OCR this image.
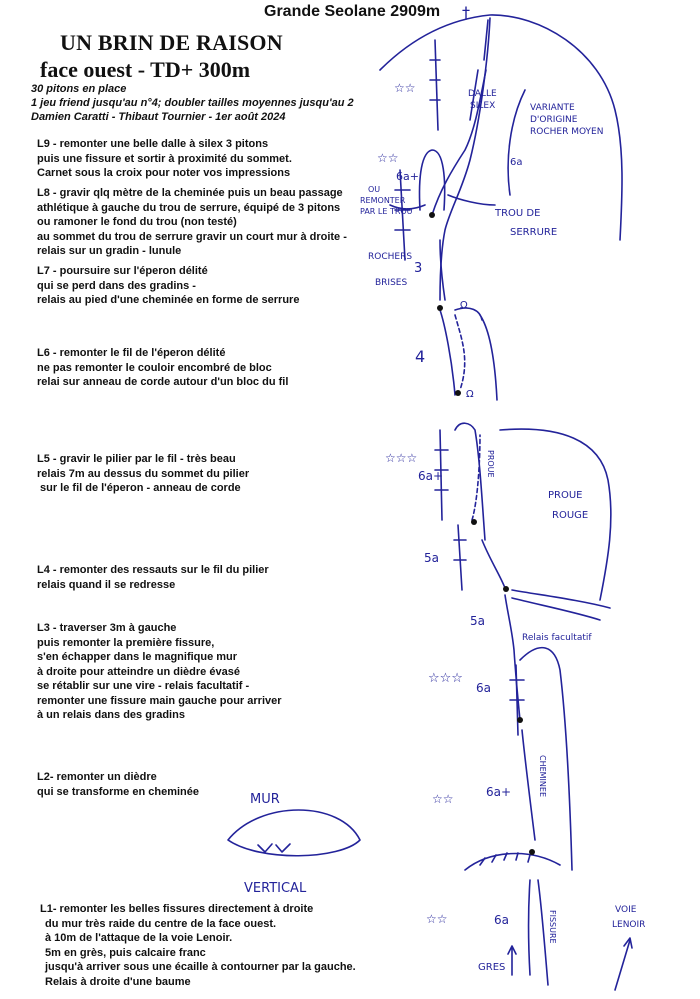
Grande Seolane 2909m
UN BRIN DE RAISON
face ouest - TD+ 300m
30 pitons en place
1 jeu friend jusqu'au n°4; doubler tailles moyennes jusqu'au 2
Damien Caratti - Thibaut Tournier - 1er août 2024
L9 - remonter une belle dalle à silex 3 pitons
puis une fissure et sortir à proximité du sommet.
Carnet sous la croix pour noter vos impressions
L8 - gravir qlq mètre de la cheminée puis un beau passage
athlétique à gauche du trou de serrure, équipé de 3 pitons
ou ramoner le fond du trou (non testé)
au sommet du trou de serrure gravir un court mur à droite -
relais sur un gradin - lunule
L7 - poursuire sur l'éperon délité
qui se perd dans des gradins -
relais au pied d'une cheminée en forme de serrure
L6 - remonter le fil de l'éperon délité
ne pas remonter le couloir encombré de bloc
relai sur anneau de corde autour d'un bloc du fil
L5 - gravir le pilier par le fil - très beau
relais 7m au dessus du sommet du pilier
sur le fil de l'éperon - anneau de corde
L4 - remonter des ressauts sur le fil du pilier
relais quand il se redresse
L3 - traverser 3m à gauche
puis remonter la première fissure,
s'en échapper dans le magnifique mur
à droite pour atteindre un dièdre évasé
se rétablir sur une vire - relais facultatif -
remonter une fissure main gauche pour arriver
à un relais dans des gradins
L2- remonter un dièdre
qui se transforme en cheminée
L1- remonter les belles fissures directement à droite
du mur très raide du centre de la face ouest.
à 10m de l'attaque de la voie Lenoir.
5m en grès, puis calcaire franc
jusqu'à arriver sous une écaille à contourner par la gauche.
Relais à droite d'une baume
†
DALLE
SILEX	VARIANTE
D'ORIGINE
ROCHER MOYEN
6a
6a+
OU
REMONTER
PAR LE TROU	TROU DE
SERRURE
ROCHERS
BRISES
3
Ω
4
Ω
☆☆
☆☆
☆☆☆
6a+
PROUE
ROUGE
5a
5a
Relais facultatif
☆☆☆
6a
☆☆	6a+
MUR
VERTICAL
☆☆	6a
GRES
VOIE
LENOIR
PROUE
CHEMINEE
FISSURE
